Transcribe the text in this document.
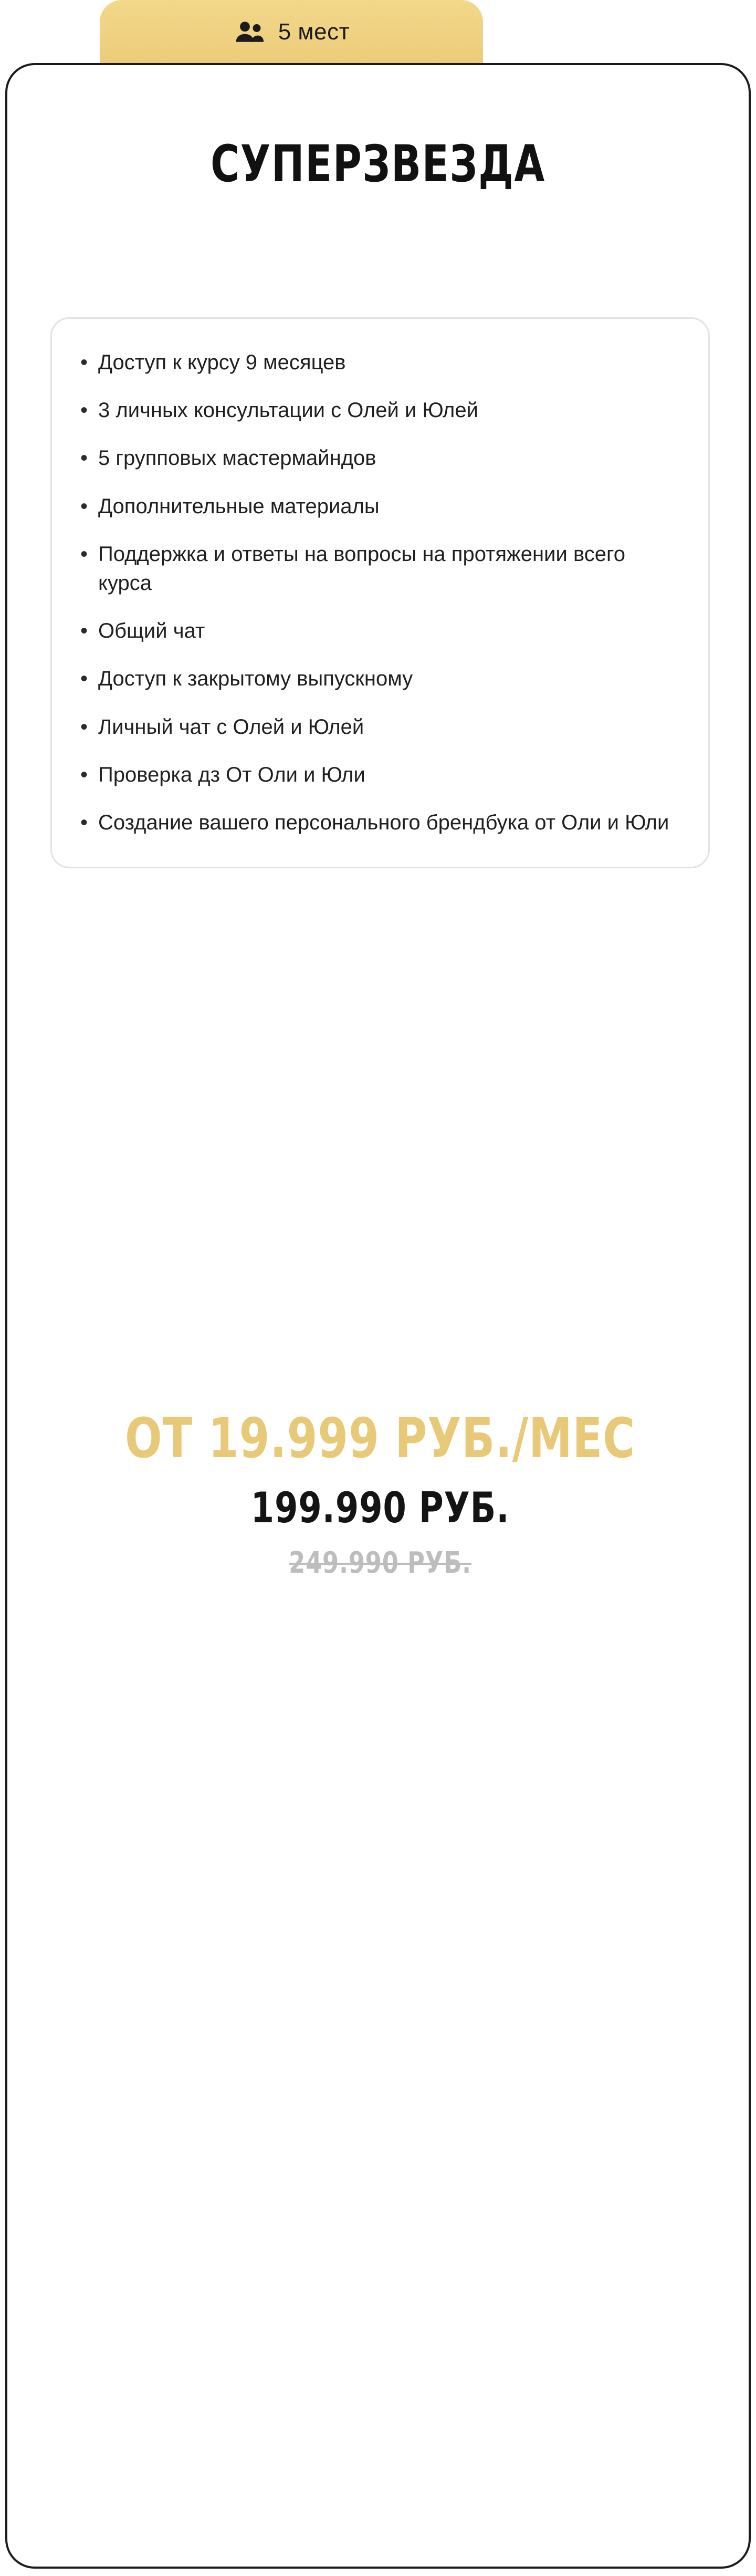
5 мест
СУПЕРЗВЕЗДА
• Доступ к курсу 9 месяцев
• 3 личных консультации с Олей и Юлей
• 5 групповых мастермайндов
• Дополнительные материалы
• Поддержка и ответы на вопросы на протяжении всего курса
• Общий чат
• Доступ к закрытому выпускному
• Личный чат с Олей и Юлей
• Проверка дз От Оли и Юли
• Создание вашего персонального брендбука от Оли и Юли
ОТ 19.999 РУБ./МЕС
199.990 РУБ.
249.990 РУБ.
